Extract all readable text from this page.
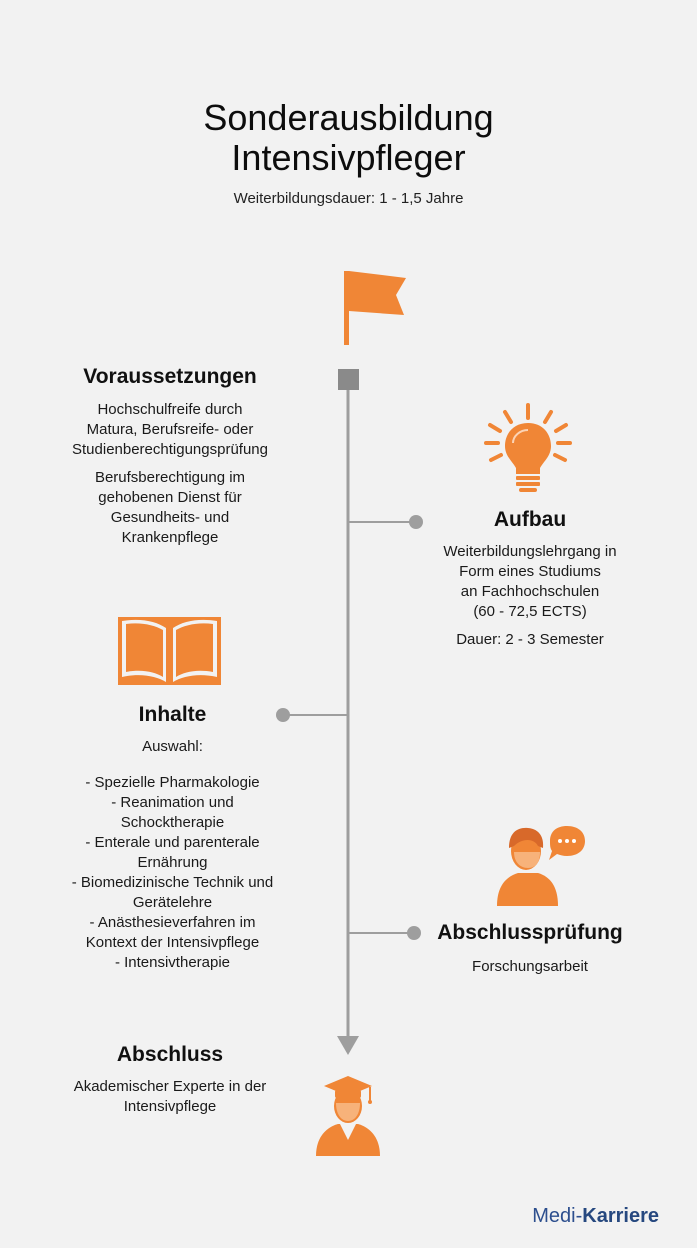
Sonderausbildung
Intensivpfleger
Weiterbildungsdauer: 1 - 1,5 Jahre
Voraussetzungen
Hochschulfreife durch
Matura, Berufsreife- oder
Studienberechtigungsprüfung
Berufsberechtigung im
gehobenen Dienst für
Gesundheits- und
Krankenpflege
Aufbau
Weiterbildungslehrgang in
Form eines Studiums
an Fachhochschulen
(60 - 72,5 ECTS)
Dauer: 2 - 3 Semester
Inhalte
Auswahl:
- Spezielle Pharmakologie
- Reanimation und
Schocktherapie
- Enterale und parenterale
Ernährung
- Biomedizinische Technik und
Gerätelehre
- Anästhesieverfahren im
Kontext der Intensivpflege
- Intensivtherapie
Abschlussprüfung
Forschungsarbeit
Abschluss
Akademischer Experte in der
Intensivpflege
Medi-Karriere
